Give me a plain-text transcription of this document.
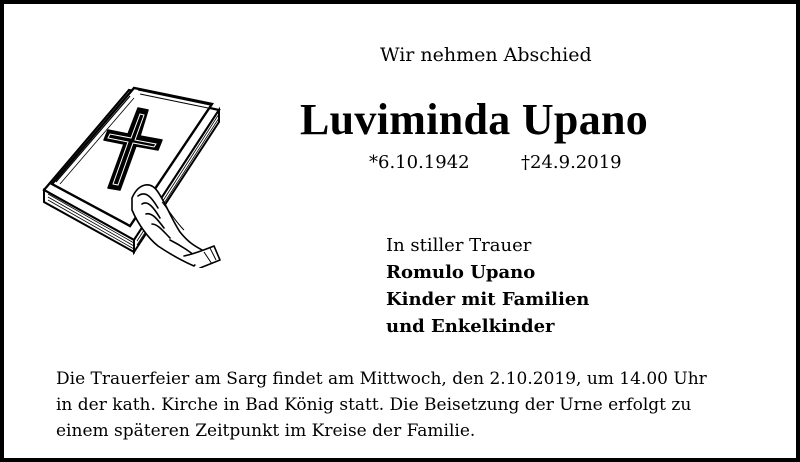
Wir nehmen Abschied
Luviminda Upano
*6.10.1942	†24.9.2019
In stiller Trauer
Romulo Upano
Kinder mit Familien
und Enkelkinder
Die Trauerfeier am Sarg findet am Mittwoch, den 2.10.2019, um 14.00 Uhr
in der kath. Kirche in Bad König statt. Die Beisetzung der Urne erfolgt zu
einem späteren Zeitpunkt im Kreise der Familie.
